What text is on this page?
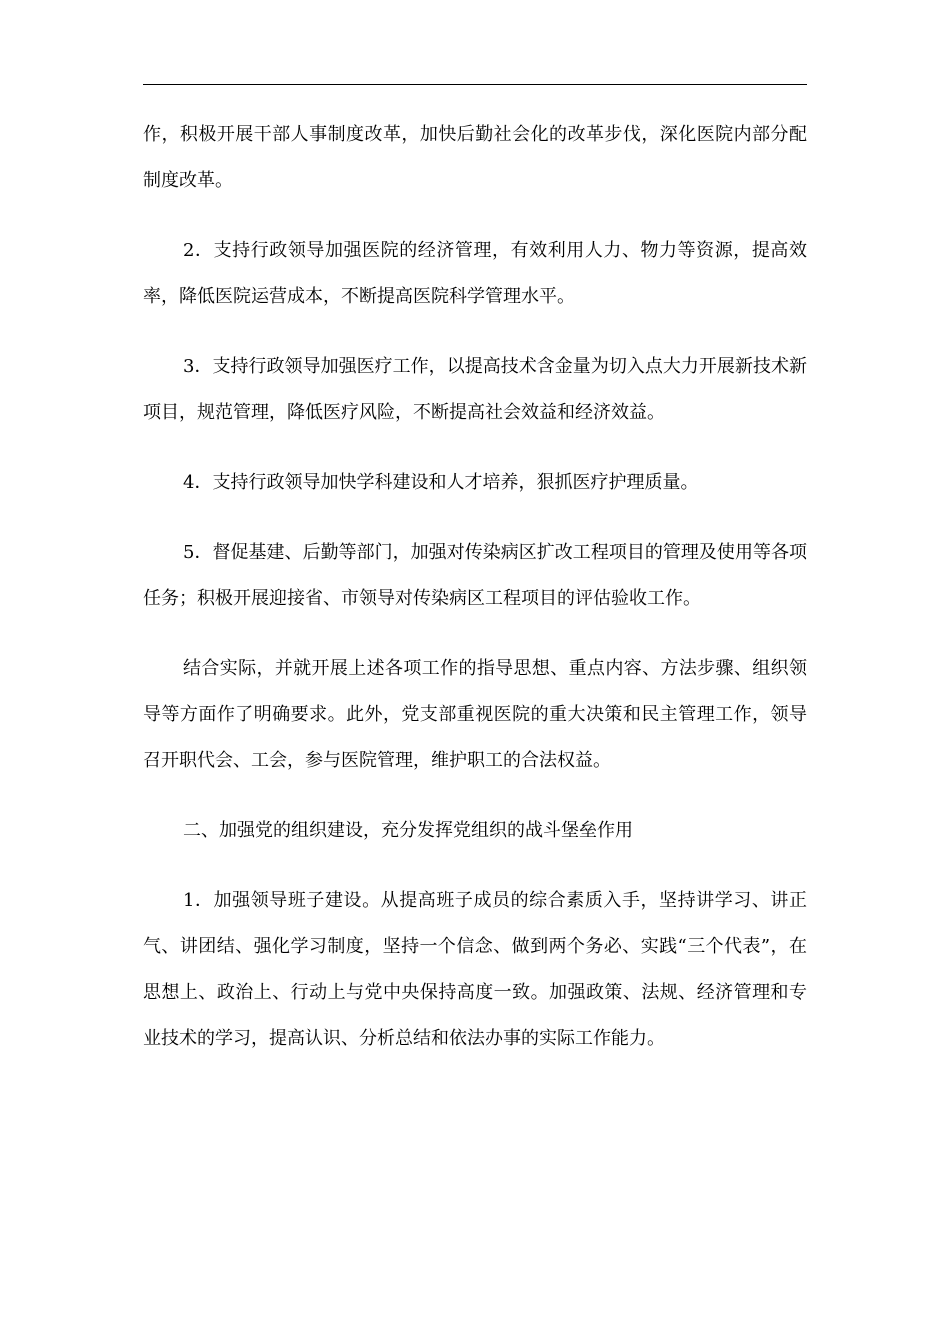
作，积极开展干部人事制度改革，加快后勤社会化的改革步伐，深化医院内部分配制度改革。

2．支持行政领导加强医院的经济管理，有效利用人力、物力等资源，提高效率，降低医院运营成本，不断提高医院科学管理水平。

3．支持行政领导加强医疗工作，以提高技术含金量为切入点大力开展新技术新项目，规范管理，降低医疗风险，不断提高社会效益和经济效益。

4．支持行政领导加快学科建设和人才培养，狠抓医疗护理质量。

5．督促基建、后勤等部门，加强对传染病区扩改工程项目的管理及使用等各项任务；积极开展迎接省、市领导对传染病区工程项目的评估验收工作。

结合实际，并就开展上述各项工作的指导思想、重点内容、方法步骤、组织领导等方面作了明确要求。此外，党支部重视医院的重大决策和民主管理工作，领导召开职代会、工会，参与医院管理，维护职工的合法权益。

二、加强党的组织建设，充分发挥党组织的战斗堡垒作用

1．加强领导班子建设。从提高班子成员的综合素质入手，坚持讲学习、讲正气、讲团结、强化学习制度，坚持一个信念、做到两个务必、实践“三个代表”，在思想上、政治上、行动上与党中央保持高度一致。加强政策、法规、经济管理和专业技术的学习，提高认识、分析总结和依法办事的实际工作能力。
